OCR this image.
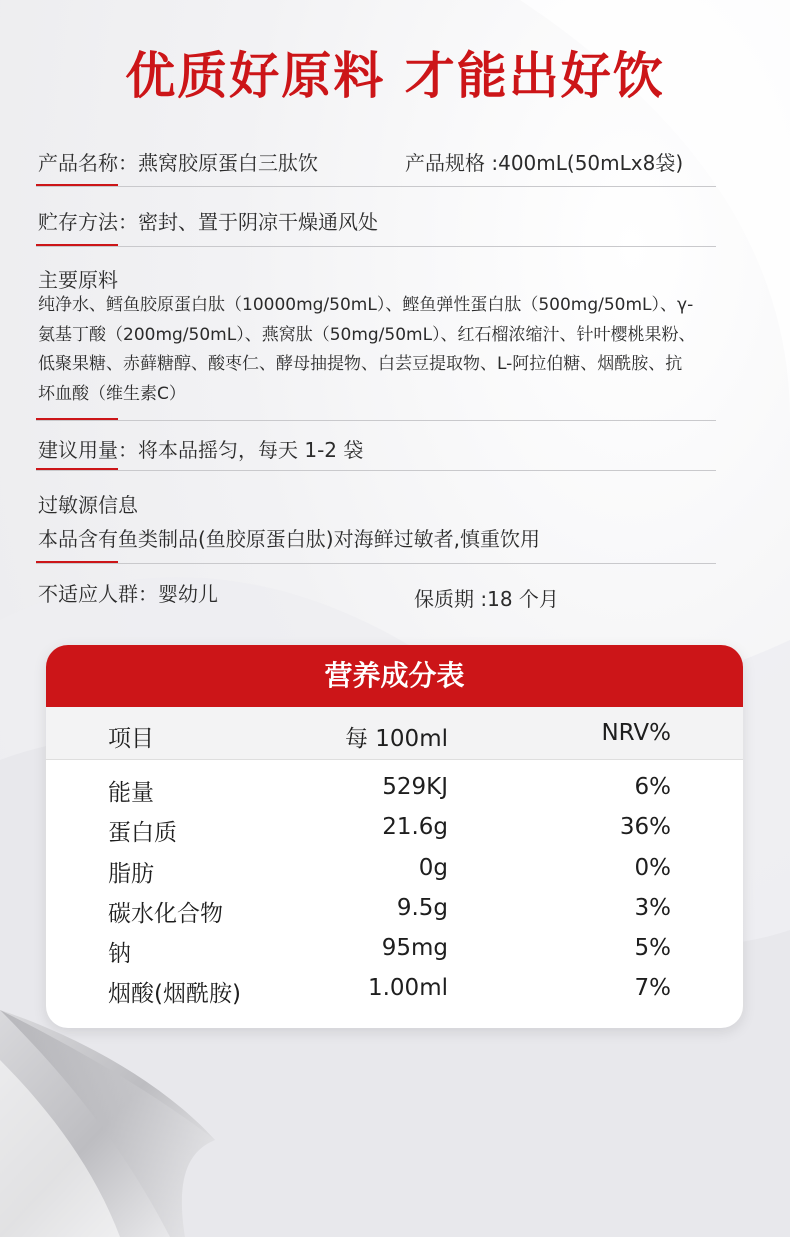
优质好原料 才能出好饮
产品名称：燕窝胶原蛋白三肽饮	产品规格 :400mL(50mLx8袋)
贮存方法：密封、置于阴凉干燥通风处
主要原料
纯净水、鳕鱼胶原蛋白肽（10000mg/50mL）、鲣鱼弹性蛋白肽（500mg/50mL）、γ-
氨基丁酸（200mg/50mL）、燕窝肽（50mg/50mL）、红石榴浓缩汁、针叶樱桃果粉、
低聚果糖、赤藓糖醇、酸枣仁、酵母抽提物、白芸豆提取物、L-阿拉伯糖、烟酰胺、抗
坏血酸（维生素C）
建议用量：将本品摇匀，每天 1-2 袋
过敏源信息
本品含有鱼类制品(鱼胶原蛋白肽)对海鲜过敏者,慎重饮用
不适应人群：婴幼儿	保质期 :18 个月
营养成分表
项目	每 100ml	NRV%
能量	529KJ	6%
蛋白质	21.6g	36%
脂肪	0g	0%
碳水化合物	9.5g	3%
钠	95mg	5%
烟酸(烟酰胺)	1.00ml	7%
